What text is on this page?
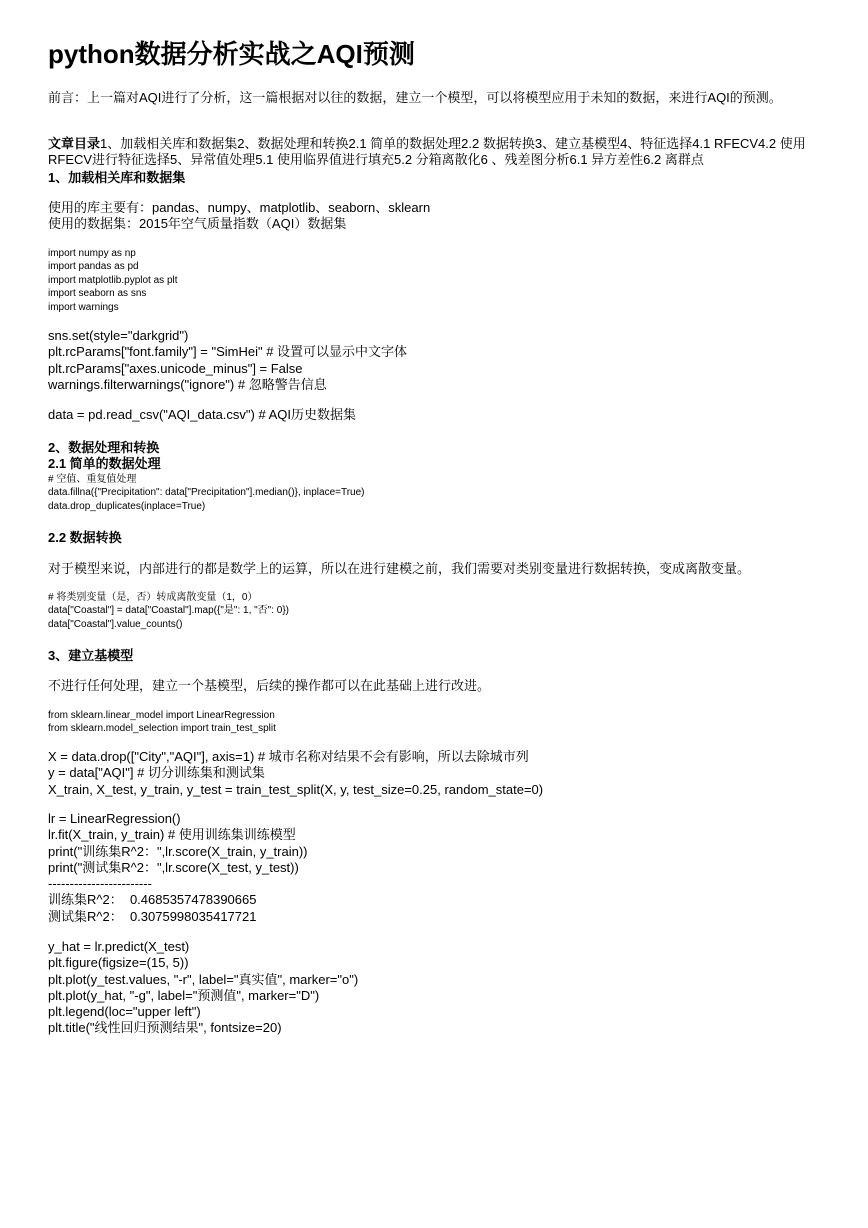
python数据分析实战之AQI预测

前言：上一篇对AQI进行了分析，这一篇根据对以往的数据，建立一个模型，可以将模型应用于未知的数据，来进行AQI的预测。

文章目录1、加载相关库和数据集2、数据处理和转换2.1 简单的数据处理2.2 数据转换3、建立基模型4、特征选择4.1 RFECV4.2 使用RFECV进行特征选择5、异常值处理5.1 使用临界值进行填充5.2 分箱离散化6 、残差图分析6.1 异方差性6.2 离群点

1、加载相关库和数据集

使用的库主要有：pandas、numpy、matplotlib、seaborn、sklearn
使用的数据集：2015年空气质量指数（AQI）数据集

import numpy as np
import pandas as pd
import matplotlib.pyplot as plt
import seaborn as sns
import warnings

sns.set(style="darkgrid")
plt.rcParams["font.family"] = "SimHei" # 设置可以显示中文字体
plt.rcParams["axes.unicode_minus"] = False
warnings.filterwarnings("ignore") # 忽略警告信息

data = pd.read_csv("AQI_data.csv") # AQI历史数据集

2、数据处理和转换

2.1 简单的数据处理

# 空值、重复值处理
data.fillna({"Precipitation": data["Precipitation"].median()}, inplace=True)
data.drop_duplicates(inplace=True)

2.2 数据转换

对于模型来说，内部进行的都是数学上的运算，所以在进行建模之前，我们需要对类别变量进行数据转换，变成离散变量。

# 将类别变量（是，否）转成离散变量（1，0）
data["Coastal"] = data["Coastal"].map({"是": 1, "否": 0})
data["Coastal"].value_counts()

3、建立基模型

不进行任何处理，建立一个基模型，后续的操作都可以在此基础上进行改进。

from sklearn.linear_model import LinearRegression
from sklearn.model_selection import train_test_split

X = data.drop(["City","AQI"], axis=1) # 城市名称对结果不会有影响，所以去除城市列
y = data["AQI"] # 切分训练集和测试集
X_train, X_test, y_train, y_test = train_test_split(X, y, test_size=0.25, random_state=0)

lr = LinearRegression()
lr.fit(X_train, y_train) # 使用训练集训练模型
print("训练集R^2：",lr.score(X_train, y_train))
print("测试集R^2：",lr.score(X_test, y_test))
------------------------
训练集R^2：  0.4685357478390665
测试集R^2：  0.3075998035417721

y_hat = lr.predict(X_test)
plt.figure(figsize=(15, 5))
plt.plot(y_test.values, "-r", label="真实值", marker="o")
plt.plot(y_hat, "-g", label="预测值", marker="D")
plt.legend(loc="upper left")
plt.title("线性回归预测结果", fontsize=20)
